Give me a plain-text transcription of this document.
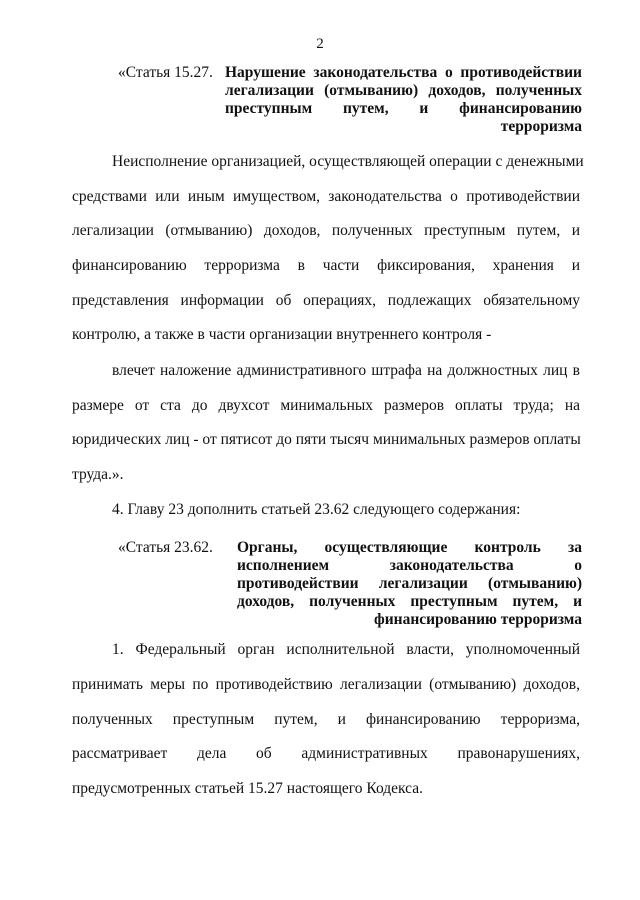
2
«Статья 15.27. Нарушение законодательства о противодействии легализации (отмыванию) доходов, полученных преступным путем, и финансированию терроризма
Неисполнение организацией, осуществляющей операции с денежными
средствами или иным имуществом, законодательства о противодействии
легализации (отмыванию) доходов, полученных преступным путем, и
финансированию терроризма в части фиксирования, хранения и
представления информации об операциях, подлежащих обязательному
контролю, а также в части организации внутреннего контроля -
влечет наложение административного штрафа на должностных лиц в
размере от ста до двухсот минимальных размеров оплаты труда; на
юридических лиц - от пятисот до пяти тысяч минимальных размеров оплаты
труда.».
4. Главу 23 дополнить статьей 23.62 следующего содержания:
«Статья 23.62. Органы, осуществляющие контроль за исполнением законодательства о противодействии легализации (отмыванию) доходов, полученных преступным путем, и финансированию терроризма
1. Федеральный орган исполнительной власти, уполномоченный
принимать меры по противодействию легализации (отмыванию) доходов,
полученных преступным путем, и финансированию терроризма,
рассматривает дела об административных правонарушениях,
предусмотренных статьей 15.27 настоящего Кодекса.
